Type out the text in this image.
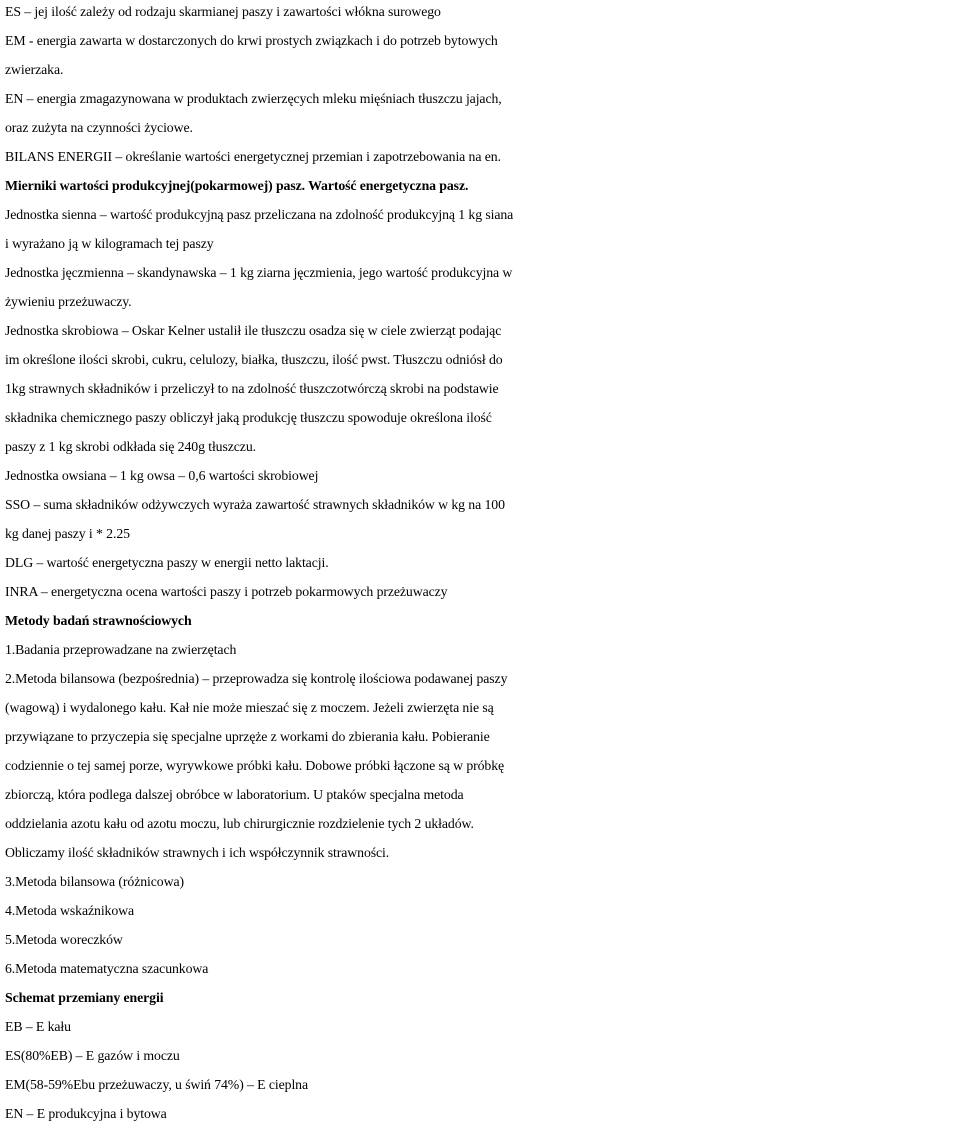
ES – jej ilość zależy od rodzaju skarmianej paszy i zawartości włókna surowego
EM - energia zawarta w dostarczonych do krwi prostych związkach i do potrzeb bytowych
zwierzaka.
EN – energia zmagazynowana w produktach zwierzęcych mleku mięśniach tłuszczu jajach,
oraz zużyta na czynności życiowe.
BILANS ENERGII – określanie wartości energetycznej przemian i zapotrzebowania na en.
Mierniki wartości produkcyjnej(pokarmowej) pasz. Wartość energetyczna pasz.
Jednostka sienna – wartość produkcyjną pasz przeliczana na zdolność produkcyjną 1 kg siana
i wyrażano ją w kilogramach tej paszy
Jednostka jęczmienna – skandynawska – 1 kg ziarna jęczmienia, jego wartość produkcyjna w
żywieniu przeżuwaczy.
Jednostka skrobiowa – Oskar Kelner ustalił ile tłuszczu osadza się w ciele zwierząt podając
im określone ilości skrobi, cukru, celulozy, białka, tłuszczu, ilość pwst. Tłuszczu odniósł do
1kg strawnych składników i przeliczył to na zdolność tłuszczotwórczą skrobi na podstawie
składnika chemicznego paszy obliczył jaką produkcję tłuszczu spowoduje określona ilość
paszy z 1 kg skrobi odkłada się 240g tłuszczu.
Jednostka owsiana – 1 kg owsa – 0,6 wartości skrobiowej
SSO – suma składników odżywczych wyraża zawartość strawnych składników w kg na 100
kg danej paszy i * 2.25
DLG – wartość energetyczna paszy w energii netto laktacji.
INRA – energetyczna ocena wartości paszy i potrzeb pokarmowych przeżuwaczy
Metody badań strawnościowych
1.Badania przeprowadzane na zwierzętach
2.Metoda bilansowa (bezpośrednia) – przeprowadza się kontrolę ilościowa podawanej paszy
(wagową) i wydalonego kału. Kał nie może mieszać się z moczem. Jeżeli zwierzęta nie są
przywiązane to przyczepia się specjalne uprzęże z workami do zbierania kału. Pobieranie
codziennie o tej samej porze, wyrywkowe próbki kału. Dobowe próbki łączone są w próbkę
zbiorczą, która podlega dalszej obróbce w laboratorium. U ptaków specjalna metoda
oddzielania azotu kału od azotu moczu, lub chirurgicznie rozdzielenie tych 2 układów.
Obliczamy ilość składników strawnych i ich współczynnik strawności.
3.Metoda bilansowa (różnicowa)
4.Metoda wskaźnikowa
5.Metoda woreczków
6.Metoda matematyczna szacunkowa
Schemat przemiany energii
EB – E kału
ES(80%EB) – E gazów i moczu
EM(58-59%Ebu przeżuwaczy, u świń 74%) – E cieplna
EN – E produkcyjna i bytowa
